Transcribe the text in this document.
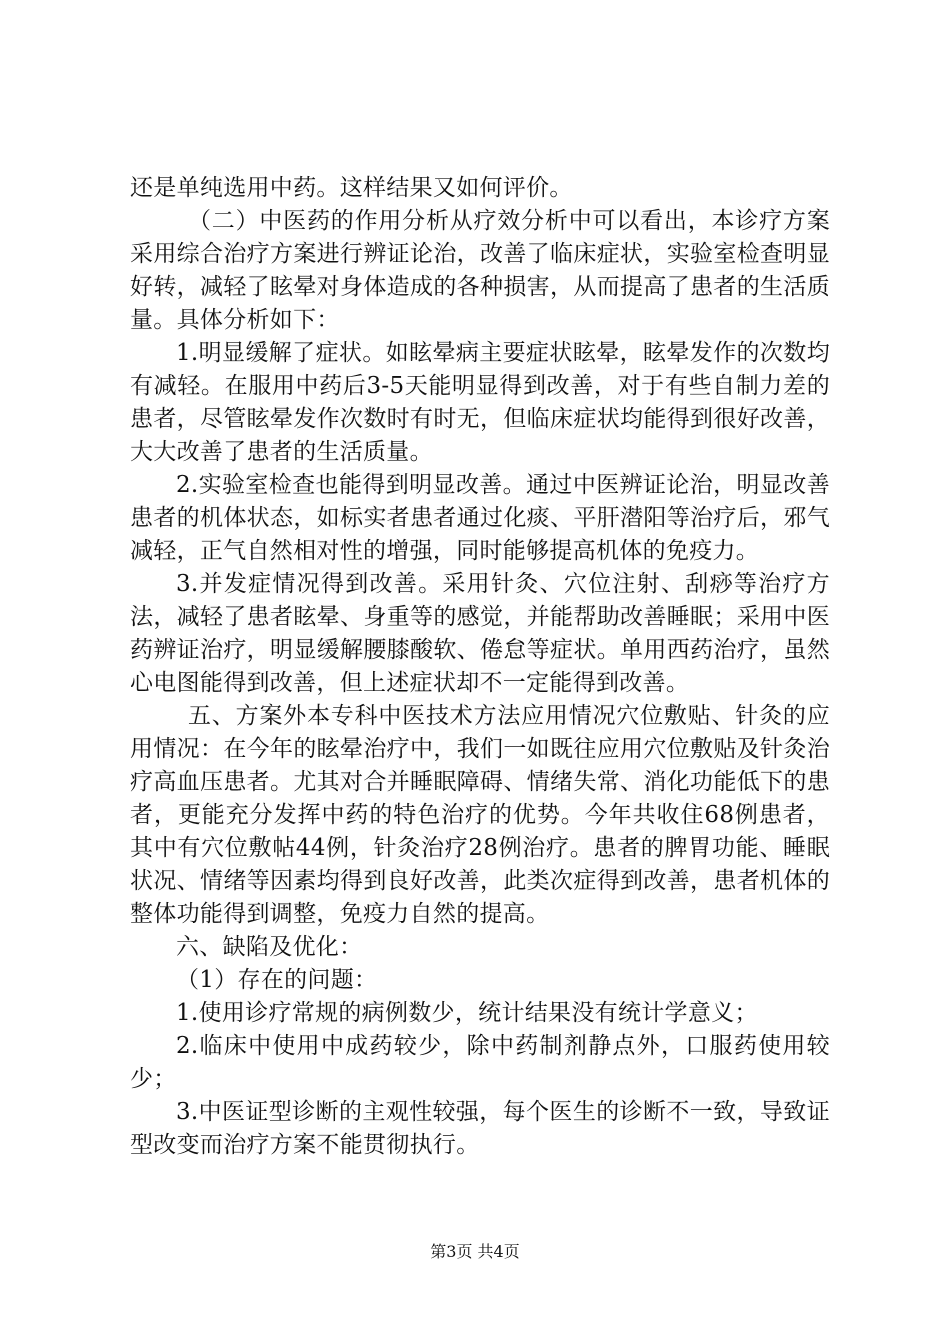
还是单纯选用中药。这样结果又如何评价。

（二）中医药的作用分析从疗效分析中可以看出，本诊疗方案采用综合治疗方案进行辨证论治，改善了临床症状，实验室检查明显好转，减轻了眩晕对身体造成的各种损害，从而提高了患者的生活质量。具体分析如下：

1.明显缓解了症状。如眩晕病主要症状眩晕，眩晕发作的次数均有减轻。在服用中药后3-5天能明显得到改善，对于有些自制力差的患者，尽管眩晕发作次数时有时无，但临床症状均能得到很好改善，大大改善了患者的生活质量。

2.实验室检查也能得到明显改善。通过中医辨证论治，明显改善患者的机体状态，如标实者患者通过化痰、平肝潜阳等治疗后，邪气减轻，正气自然相对性的增强，同时能够提高机体的免疫力。

3.并发症情况得到改善。采用针灸、穴位注射、刮痧等治疗方法，减轻了患者眩晕、身重等的感觉，并能帮助改善睡眠；采用中医药辨证治疗，明显缓解腰膝酸软、倦怠等症状。单用西药治疗，虽然心电图能得到改善，但上述症状却不一定能得到改善。

五、方案外本专科中医技术方法应用情况穴位敷贴、针灸的应用情况：在今年的眩晕治疗中，我们一如既往应用穴位敷贴及针灸治疗高血压患者。尤其对合并睡眠障碍、情绪失常、消化功能低下的患者，更能充分发挥中药的特色治疗的优势。今年共收住68例患者，其中有穴位敷帖44例，针灸治疗28例治疗。患者的脾胃功能、睡眠状况、情绪等因素均得到良好改善，此类次症得到改善，患者机体的整体功能得到调整，免疫力自然的提高。

六、缺陷及优化：

（1）存在的问题：

1.使用诊疗常规的病例数少，统计结果没有统计学意义；

2.临床中使用中成药较少，除中药制剂静点外，口服药使用较少；

3.中医证型诊断的主观性较强，每个医生的诊断不一致，导致证型改变而治疗方案不能贯彻执行。

第3页 共4页
